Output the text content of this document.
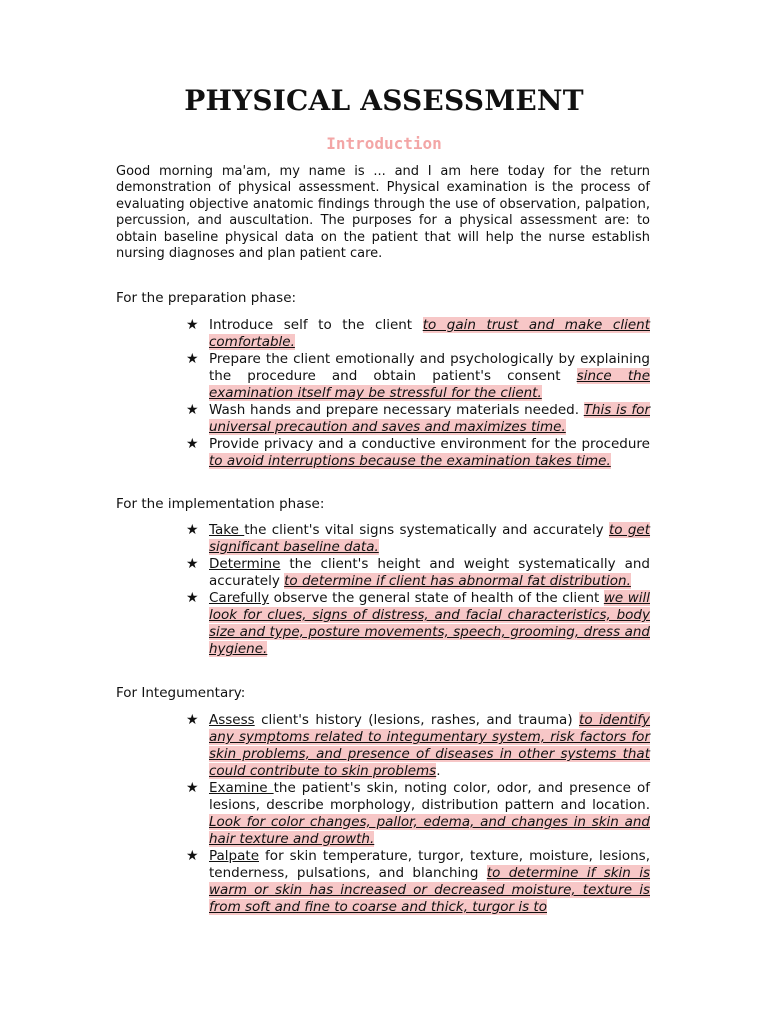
PHYSICAL ASSESSMENT
Introduction

Good morning ma'am, my name is ... and I am here today for the return demonstration of physical assessment. Physical examination is the process of evaluating objective anatomic findings through the use of observation, palpation, percussion, and auscultation. The purposes for a physical assessment are: to obtain baseline physical data on the patient that will help the nurse establish nursing diagnoses and plan patient care.

For the preparation phase:

★ Introduce self to the client to gain trust and make client comfortable.
★ Prepare the client emotionally and psychologically by explaining the procedure and obtain patient's consent since the examination itself may be stressful for the client.
★ Wash hands and prepare necessary materials needed. This is for universal precaution and saves and maximizes time.
★ Provide privacy and a conductive environment for the procedure to avoid interruptions because the examination takes time.

For the implementation phase:

★ Take the client's vital signs systematically and accurately to get significant baseline data.
★ Determine the client's height and weight systematically and accurately to determine if client has abnormal fat distribution.
★ Carefully observe the general state of health of the client we will look for clues, signs of distress, and facial characteristics, body size and type, posture movements, speech, grooming, dress and hygiene.

For Integumentary:

★ Assess client's history (lesions, rashes, and trauma) to identify any symptoms related to integumentary system, risk factors for skin problems, and presence of diseases in other systems that could contribute to skin problems.
★ Examine the patient's skin, noting color, odor, and presence of lesions, describe morphology, distribution pattern and location. Look for color changes, pallor, edema, and changes in skin and hair texture and growth.
★ Palpate for skin temperature, turgor, texture, moisture, lesions, tenderness, pulsations, and blanching to determine if skin is warm or skin has increased or decreased moisture, texture is from soft and fine to coarse and thick, turgor is to
